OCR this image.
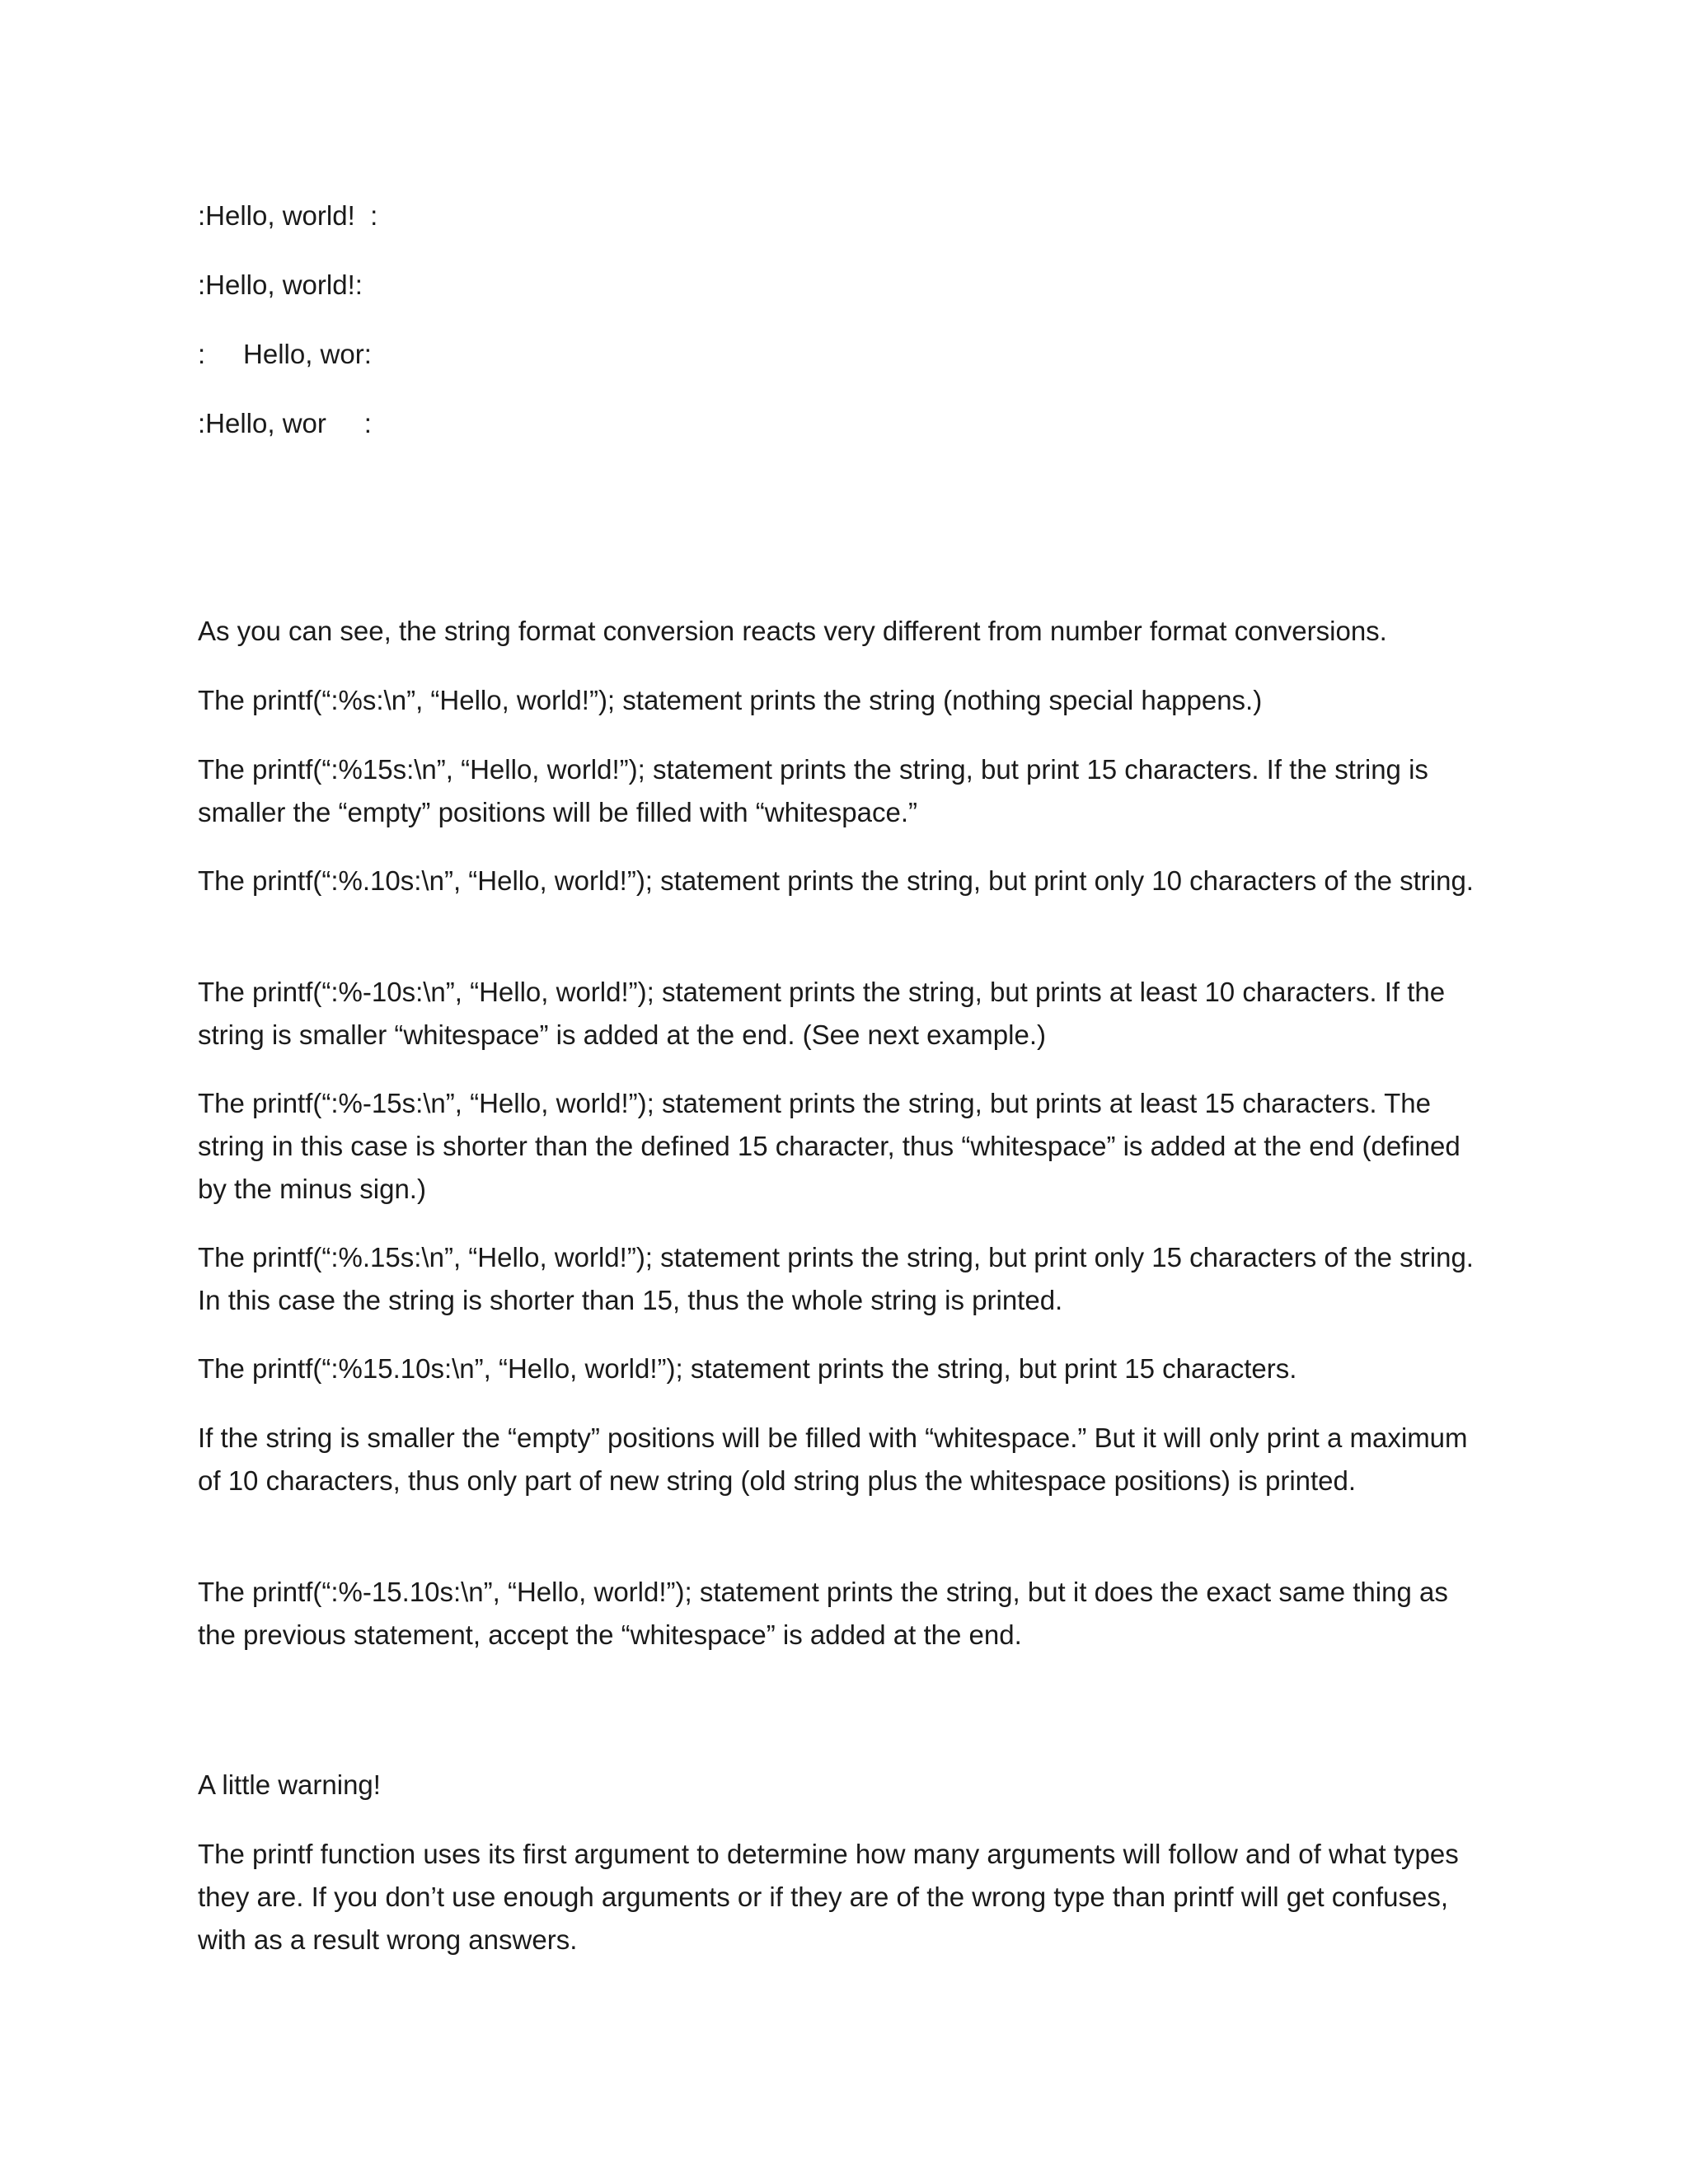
:Hello, world!  :

:Hello, world!:

:     Hello, wor:

:Hello, wor     :

As you can see, the string format conversion reacts very different from number format conversions.

The printf(“:%s:\n”, “Hello, world!”); statement prints the string (nothing special happens.)

The printf(“:%15s:\n”, “Hello, world!”); statement prints the string, but print 15 characters. If the string is smaller the “empty” positions will be filled with “whitespace.”

The printf(“:%.10s:\n”, “Hello, world!”); statement prints the string, but print only 10 characters of the string.

The printf(“:%-10s:\n”, “Hello, world!”); statement prints the string, but prints at least 10 characters. If the string is smaller “whitespace” is added at the end. (See next example.)

The printf(“:%-15s:\n”, “Hello, world!”); statement prints the string, but prints at least 15 characters. The string in this case is shorter than the defined 15 character, thus “whitespace” is added at the end (defined by the minus sign.)

The printf(“:%.15s:\n”, “Hello, world!”); statement prints the string, but print only 15 characters of the string. In this case the string is shorter than 15, thus the whole string is printed.

The printf(“:%15.10s:\n”, “Hello, world!”); statement prints the string, but print 15 characters.

If the string is smaller the “empty” positions will be filled with “whitespace.” But it will only print a maximum of 10 characters, thus only part of new string (old string plus the whitespace positions) is printed.

The printf(“:%-15.10s:\n”, “Hello, world!”); statement prints the string, but it does the exact same thing as the previous statement, accept the “whitespace” is added at the end.

A little warning!

The printf function uses its first argument to determine how many arguments will follow and of what types they are. If you don’t use enough arguments or if they are of the wrong type than printf will get confuses, with as a result wrong answers.
